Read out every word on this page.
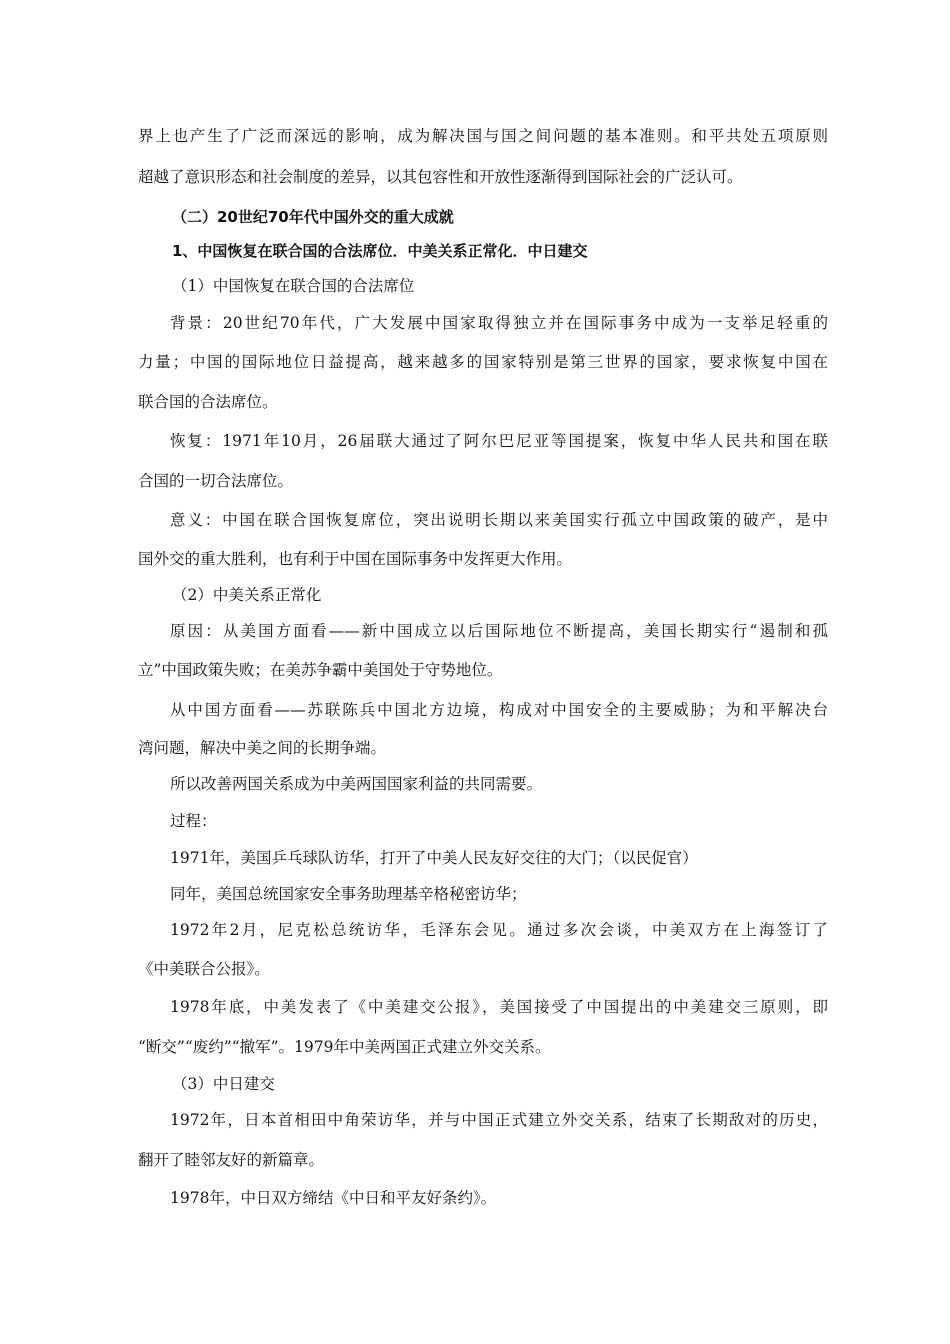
界上也产生了广泛而深远的影响，成为解决国与国之间问题的基本准则。和平共处五项原则
超越了意识形态和社会制度的差异，以其包容性和开放性逐渐得到国际社会的广泛认可。
（二）20世纪70年代中国外交的重大成就
1、中国恢复在联合国的合法席位．中美关系正常化．中日建交
（1）中国恢复在联合国的合法席位
背景：20世纪70年代，广大发展中国家取得独立并在国际事务中成为一支举足轻重的
力量；中国的国际地位日益提高，越来越多的国家特别是第三世界的国家，要求恢复中国在
联合国的合法席位。
恢复：1971年10月，26届联大通过了阿尔巴尼亚等国提案，恢复中华人民共和国在联
合国的一切合法席位。
意义：中国在联合国恢复席位，突出说明长期以来美国实行孤立中国政策的破产，是中
国外交的重大胜利，也有利于中国在国际事务中发挥更大作用。
（2）中美关系正常化
原因：从美国方面看——新中国成立以后国际地位不断提高，美国长期实行“遏制和孤
立”中国政策失败；在美苏争霸中美国处于守势地位。
从中国方面看——苏联陈兵中国北方边境，构成对中国安全的主要威胁；为和平解决台
湾问题，解决中美之间的长期争端。
所以改善两国关系成为中美两国国家利益的共同需要。
过程：
1971年，美国乒乓球队访华，打开了中美人民友好交往的大门；（以民促官）
同年，美国总统国家安全事务助理基辛格秘密访华；
1972年2月，尼克松总统访华，毛泽东会见。通过多次会谈，中美双方在上海签订了
《中美联合公报》。
1978年底，中美发表了《中美建交公报》，美国接受了中国提出的中美建交三原则，即
“断交”“废约”“撤军”。1979年中美两国正式建立外交关系。
（3）中日建交
1972年，日本首相田中角荣访华，并与中国正式建立外交关系，结束了长期敌对的历史，
翻开了睦邻友好的新篇章。
1978年，中日双方缔结《中日和平友好条约》。
